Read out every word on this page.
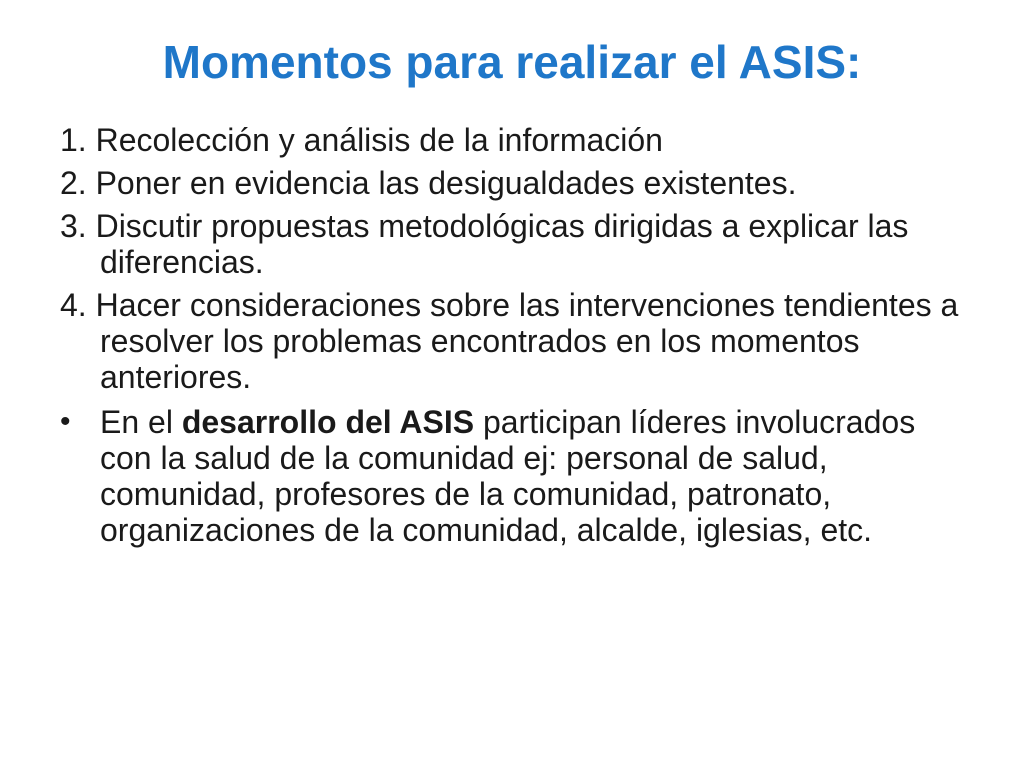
Momentos para realizar el ASIS:
1. Recolección y análisis de la información
2. Poner en evidencia las desigualdades existentes.
3. Discutir propuestas metodológicas dirigidas a explicar las diferencias.
4. Hacer consideraciones sobre las intervenciones tendientes a resolver los problemas encontrados en los momentos anteriores.
• En el desarrollo del ASIS participan líderes involucrados con la salud de la comunidad ej: personal de salud, comunidad, profesores de la comunidad, patronato, organizaciones de la comunidad, alcalde, iglesias, etc.
